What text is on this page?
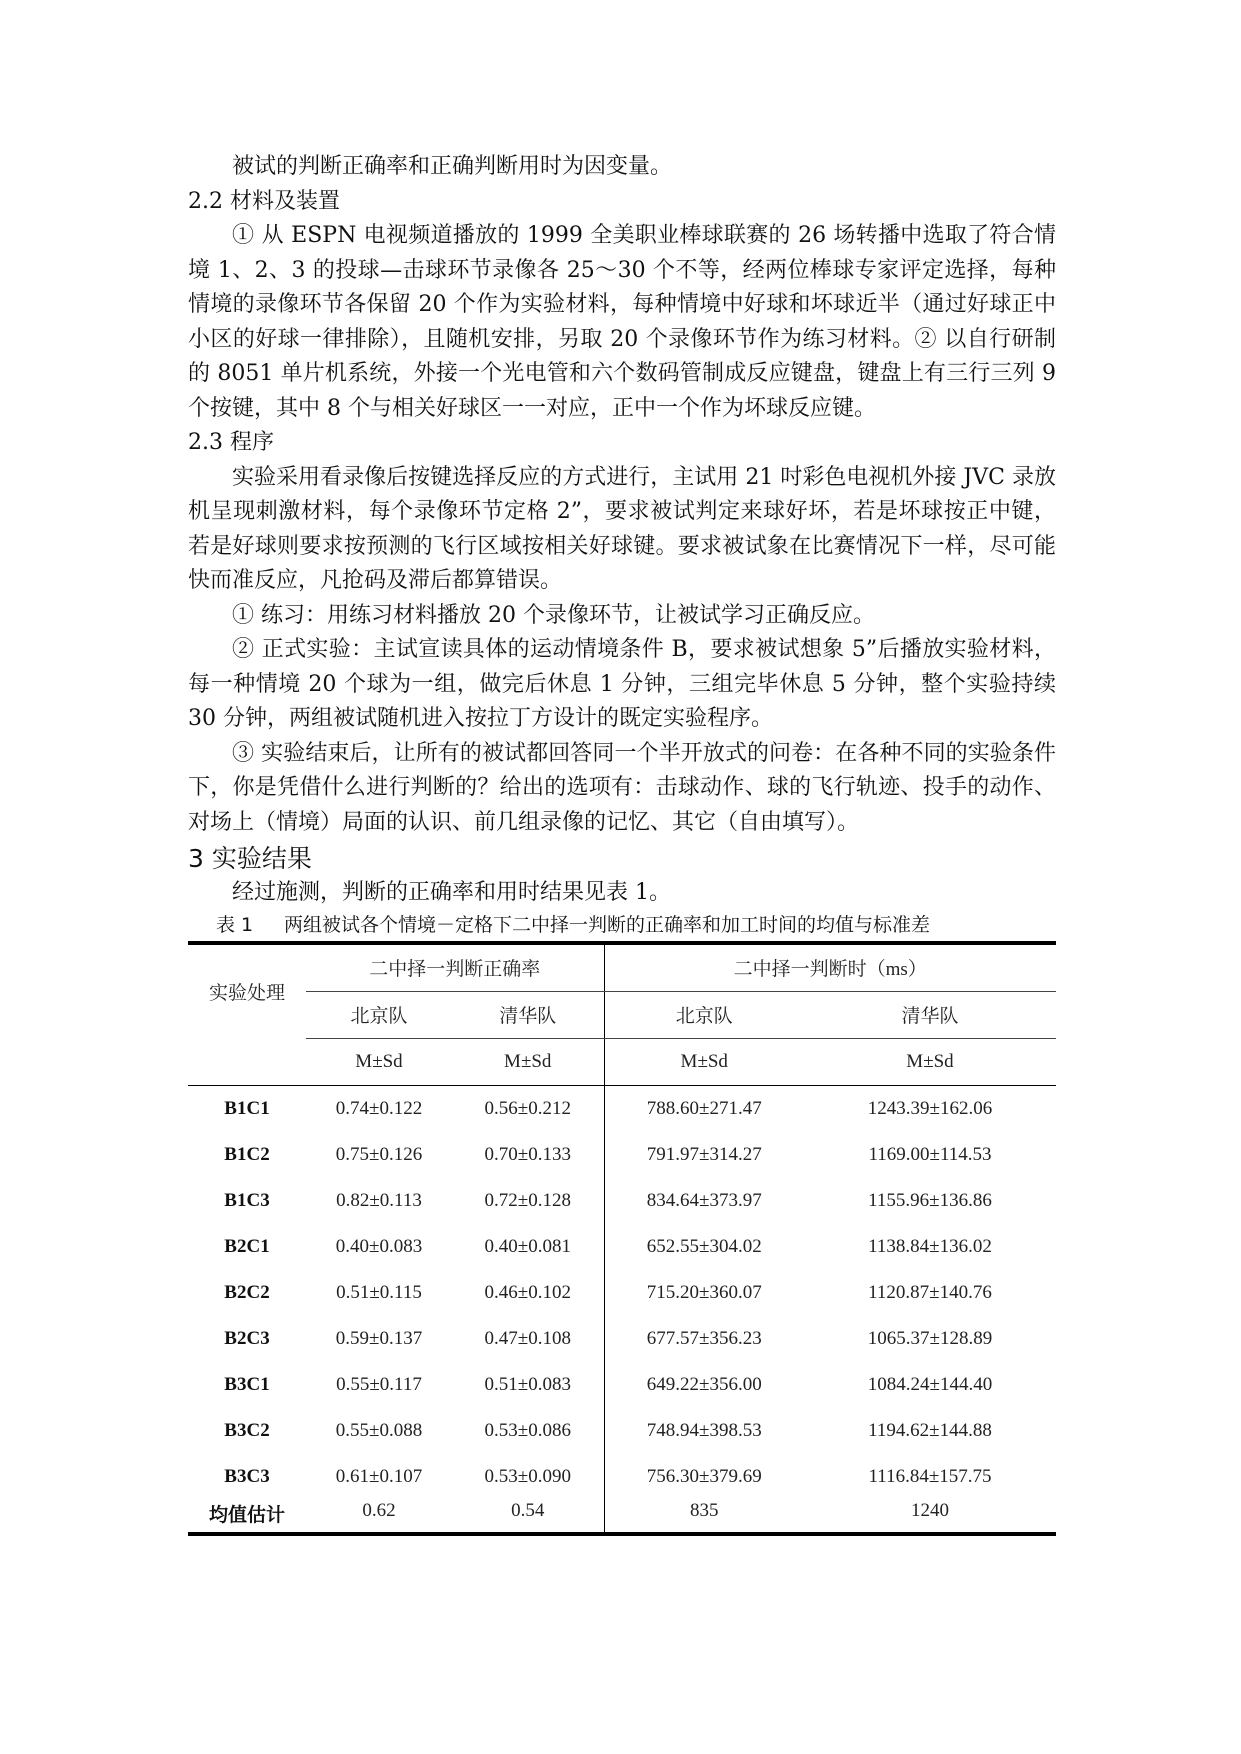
被试的判断正确率和正确判断用时为因变量。

2.2 材料及装置

① 从 ESPN 电视频道播放的 1999 全美职业棒球联赛的 26 场转播中选取了符合情境 1、2、3 的投球—击球环节录像各 25～30 个不等，经两位棒球专家评定选择，每种情境的录像环节各保留 20 个作为实验材料，每种情境中好球和坏球近半（通过好球正中小区的好球一律排除），且随机安排，另取 20 个录像环节作为练习材料。② 以自行研制的 8051 单片机系统，外接一个光电管和六个数码管制成反应键盘，键盘上有三行三列 9 个按键，其中 8 个与相关好球区一一对应，正中一个作为坏球反应键。

2.3 程序

实验采用看录像后按键选择反应的方式进行，主试用 21 吋彩色电视机外接 JVC 录放机呈现刺激材料，每个录像环节定格 2”，要求被试判定来球好坏，若是坏球按正中键，若是好球则要求按预测的飞行区域按相关好球键。要求被试象在比赛情况下一样，尽可能快而准反应，凡抢码及滞后都算错误。

① 练习：用练习材料播放 20 个录像环节，让被试学习正确反应。

② 正式实验：主试宣读具体的运动情境条件 B，要求被试想象 5”后播放实验材料，每一种情境 20 个球为一组，做完后休息 1 分钟，三组完毕休息 5 分钟，整个实验持续 30 分钟，两组被试随机进入按拉丁方设计的既定实验程序。

③ 实验结束后，让所有的被试都回答同一个半开放式的问卷：在各种不同的实验条件下，你是凭借什么进行判断的？给出的选项有：击球动作、球的飞行轨迹、投手的动作、对场上（情境）局面的认识、前几组录像的记忆、其它（自由填写）。

3 实验结果

经过施测，判断的正确率和用时结果见表 1。

表 1 两组被试各个情境－定格下二中择一判断的正确率和加工时间的均值与标准差

实验处理	二中择一判断正确率		二中择一判断时（ms）	
	北京队	清华队	北京队	清华队
	M±Sd	M±Sd	M±Sd	M±Sd
B1C1	0.74±0.122	0.56±0.212	788.60±271.47	1243.39±162.06
B1C2	0.75±0.126	0.70±0.133	791.97±314.27	1169.00±114.53
B1C3	0.82±0.113	0.72±0.128	834.64±373.97	1155.96±136.86
B2C1	0.40±0.083	0.40±0.081	652.55±304.02	1138.84±136.02
B2C2	0.51±0.115	0.46±0.102	715.20±360.07	1120.87±140.76
B2C3	0.59±0.137	0.47±0.108	677.57±356.23	1065.37±128.89
B3C1	0.55±0.117	0.51±0.083	649.22±356.00	1084.24±144.40
B3C2	0.55±0.088	0.53±0.086	748.94±398.53	1194.62±144.88
B3C3	0.61±0.107	0.53±0.090	756.30±379.69	1116.84±157.75
均值估计	0.62	0.54	835	1240
